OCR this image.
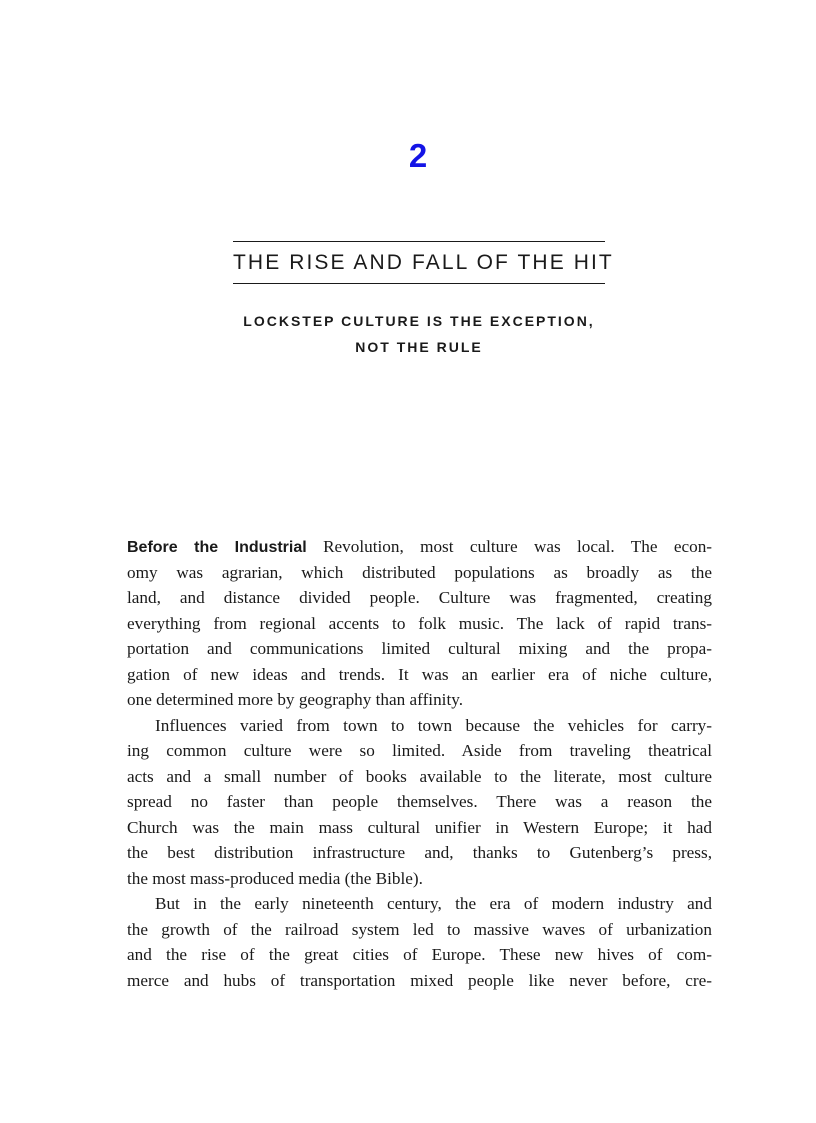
2
THE RISE AND FALL OF THE HIT
LOCKSTEP CULTURE IS THE EXCEPTION,
NOT THE RULE
Before the Industrial Revolution, most culture was local. The econ-
omy was agrarian, which distributed populations as broadly as the
land, and distance divided people. Culture was fragmented, creating
everything from regional accents to folk music. The lack of rapid trans-
portation and communications limited cultural mixing and the propa-
gation of new ideas and trends. It was an earlier era of niche culture,
one determined more by geography than affinity.
Influences varied from town to town because the vehicles for carry-
ing common culture were so limited. Aside from traveling theatrical
acts and a small number of books available to the literate, most culture
spread no faster than people themselves. There was a reason the
Church was the main mass cultural unifier in Western Europe; it had
the best distribution infrastructure and, thanks to Gutenberg’s press,
the most mass-produced media (the Bible).
But in the early nineteenth century, the era of modern industry and
the growth of the railroad system led to massive waves of urbanization
and the rise of the great cities of Europe. These new hives of com-
merce and hubs of transportation mixed people like never before, cre-
